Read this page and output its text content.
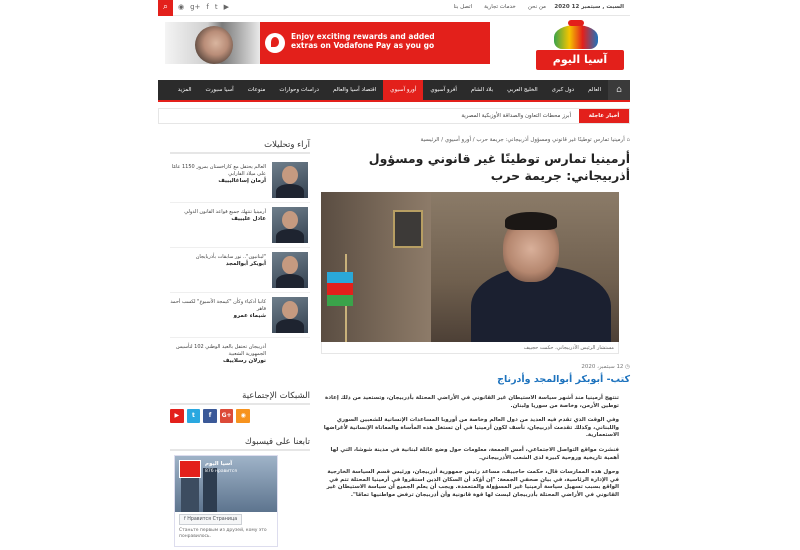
⌕	◉ g+ f t ▶	اتصل بنا خدمات تجارية من نحن السبت , سبتمبر 12 2020
Enjoy exciting rewards and added
extras on Vodafone Pay as you go
آسيا اليوم
⌂
العالم
دول كبرى
الخليج العربي
بلاد الشام
أفرو آسيوي
أورو آسيوي
اقتصاد آسيا والعالم
دراسات وحوارات
منوعات
آسيا سبورت
المزيد
أخبار عاجلة
أبرز محطات التعاون والصداقة الأوزبكية المصرية
أرمينيا تمارس توطينًا غير قانوني ومسؤول أذربيجاني: جريمة حرب / أورو آسيوي / الرئيسية	⌂
أرمينيا تمارس توطينًا غير قانوني ومسؤول
أذربيجاني: جريمة حرب
مستشار الرئيس الأذربيجاني، حكمت حجييف
◷ 12 سبتمبر، 2020
كتب- أبوبكر أبوالمجد وأدرناج

تنتهج أرمينيا منذ أشهر سياسة الاستيطان غير القانوني في الأراضي المحتلة بأذربيجان، وتستعيد من ذلك إعادة توطين الأرمن، وخاصة من سوريا ولبنان.

وفي الوقت الذي تقدم فيه العديد من دول العالم وخاصة من أوروبا المساعدات الإنسانية للشعبين السوري واللبناني، وكذلك تقدمت أذربيجان، نأسف لكون أرمينيا في أن تستغل هذه المأساة والمعاناة الإنسانية لأغراضها الاستعمارية.

فنشرت مواقع التواصل الاجتماعي، أمس الجمعة، معلومات حول وضع عائلة لبنانية في مدينة شوشا، التي لها أهمية تاريخية وروحية كبيرة لدى الشعب الأذربيجاني.

وحول هذه الممارسات قال، حكمت حاجييف، مساعد رئيس جمهورية أذربيجان، ورئيس قسم السياسة الخارجية في الإدارة الرئاسية، في بيان صحفي الجمعة: "إن أؤكد أن السكان الذين استقروا في أرمينيا المحتلة تتم في الواقع بسبب تسهيل سياسة أرمينيا غير المسؤولة والمتعمدة. ويجب أن يعلم الجميع أن سياسة الاستيطان غير القانوني في الأراضي المحتلة بأذربيجان ليست لها قوة قانونية وأن أذربيجان ترفض مواطنيها تمامًا".

آراء وتحليلات
العالم يحتفل مع كازاخستان بمرور 1150 عامًا على ميلاد الفارابي
أرمان إساغاليييف
أرمينيا تنتهك جميع قواعد القانون الدولي
عادل عليييف
"لبنانيون".. نور سابقات بأذربايجان
أبوبكر أبوالمجد
كانبا أذكياء وكأن "كيمجة الأسبوع" لكسب أحمد قاهر
شيماء عمرو
أذربيجان تحتفل بالعيد الوطني 102 لتأسيس الجمهورية الشعبية
نورلان رسلاييف
الشبكات الإجتماعية
▶	t	f	G+	◉
تابعنا على فيسبوك
آسيا اليوم
876 нравится
f Нравится Страница
Станьте первым из друзей, кому это понравилось.
